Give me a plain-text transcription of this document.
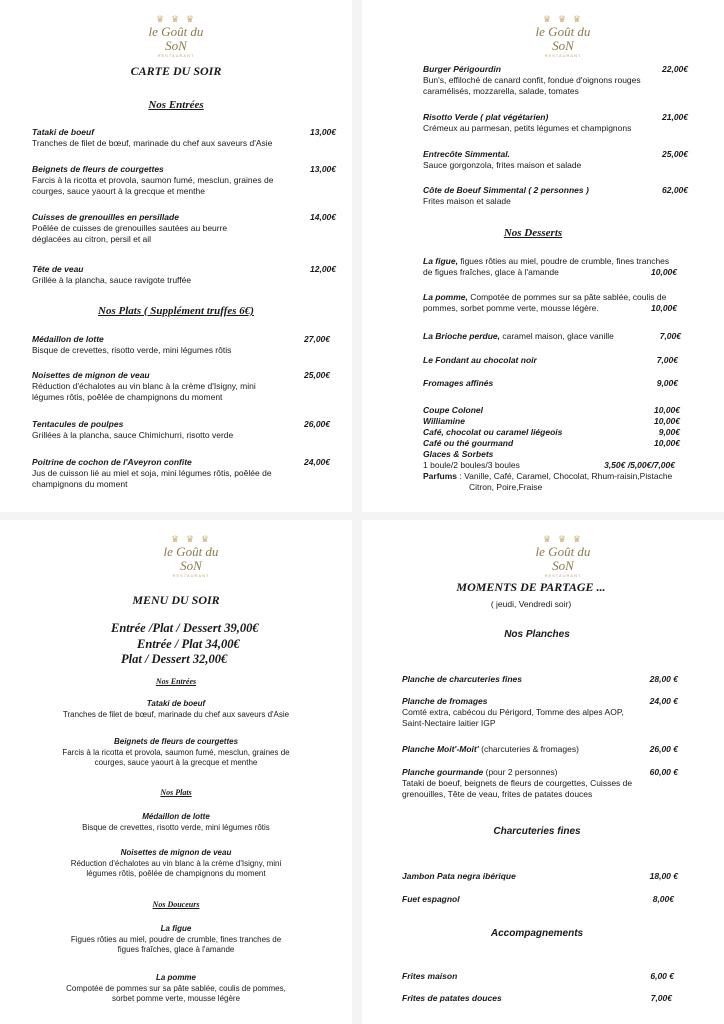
♛ ♛ ♛
le Goût du SoN
RESTAURANT
CARTE DU SOIR
Nos Entrées
Tataki de boeuf	13,00€
Tranches de filet de bœuf, marinade du chef aux saveurs d'Asie
Beignets de fleurs de courgettes	13,00€
Farcis à la ricotta et provola, saumon fumé, mesclun, graines de
courges, sauce yaourt à la grecque et menthe
Cuisses de grenouilles en persillade	14,00€
Poêlée de cuisses de grenouilles sautées au beurre
déglacées au citron, persil et ail
Tête de veau	12,00€
Grillée à la plancha, sauce ravigote truffée
Nos Plats ( Supplément truffes 6€)
Médaillon de lotte	27,00€
Bisque de crevettes, risotto verde, mini légumes rôtis
Noisettes de mignon de veau	25,00€
Réduction d'échalotes au vin blanc à la crème d'Isigny, mini
légumes rôtis, poêlée de champignons du moment
Tentacules de poulpes	26,00€
Grillées à la plancha, sauce Chimichurri, risotto verde
Poitrine de cochon de l'Aveyron confite	24,00€
Jus de cuisson lié au miel et soja, mini légumes rôtis, poêlée de
champignons du moment
♛ ♛ ♛
le Goût du SoN
RESTAURANT
Burger Périgourdin	22,00€
Bun's, effiloché de canard confit, fondue d'oignons rouges
caramélisés, mozzarella, salade, tomates
Risotto Verde ( plat végétarien)	21,00€
Crémeux au parmesan, petits légumes et champignons
Entrecôte Simmental.	25,00€
Sauce gorgonzola, frites maison et salade
Côte de Boeuf Simmental ( 2 personnes )	62,00€
Frites maison et salade
Nos Desserts
La figue, figues rôties au miel, poudre de crumble, fines tranches
de figues fraîches, glace à l'amande	10,00€
La pomme, Compotée de pommes sur sa pâte sablée, coulis de
pommes, sorbet pomme verte, mousse légère.	10,00€
La Brioche perdue, caramel maison, glace vanille	7,00€
Le Fondant au chocolat noir	7,00€
Fromages affinés	9,00€
Coupe Colonel	10,00€
Williamine	10,00€
Café, chocolat ou caramel liégeois	9,00€
Café ou thé gourmand	10,00€
Glaces & Sorbets
1 boule/2 boules/3 boules	3,50€ /5,00€/7,00€
Parfums : Vanille, Café, Caramel, Chocolat, Rhum-raisin,Pistache
Citron, Poire,Fraise
♛ ♛ ♛
le Goût du SoN
RESTAURANT
MENU DU SOIR
Entrée /Plat / Dessert 39,00€
Entrée / Plat 34,00€
Plat / Dessert 32,00€
Nos Entrées
Tataki de boeuf
Tranches de filet de bœuf, marinade du chef aux saveurs d'Asie
Beignets de fleurs de courgettes
Farcis à la ricotta et provola, saumon fumé, mesclun, graines de
courges, sauce yaourt à la grecque et menthe
Nos Plats
Médaillon de lotte
Bisque de crevettes, risotto verde, mini légumes rôtis
Noisettes de mignon de veau
Réduction d'échalotes au vin blanc à la crème d'Isigny, mini
légumes rôtis, poêlée de champignons du moment
Nos Douceurs
La figue
Figues rôties au miel, poudre de crumble, fines tranches de
figues fraîches, glace à l'amande
La pomme
Compotée de pommes sur sa pâte sablée, coulis de pommes,
sorbet pomme verte, mousse légère
♛ ♛ ♛
le Goût du SoN
RESTAURANT
MOMENTS DE PARTAGE ...
( jeudi, Vendredi soir)
Nos Planches
Planche de charcuteries fines	28,00 €
Planche de fromages	24,00 €
Comté extra, cabécou du Périgord, Tomme des alpes AOP,
Saint-Nectaire laitier IGP
Planche Moit'-Moit' (charcuteries & fromages)	26,00 €
Planche gourmande (pour 2 personnes)	60,00 €
Tataki de boeuf, beignets de fleurs de courgettes, Cuisses de
grenouilles, Tête de veau, frites de patates douces
Charcuteries fines
Jambon Pata negra ibérique	18,00 €
Fuet espagnol	8,00€
Accompagnements
Frites maison	6,00 €
Frites de patates douces	7,00€
